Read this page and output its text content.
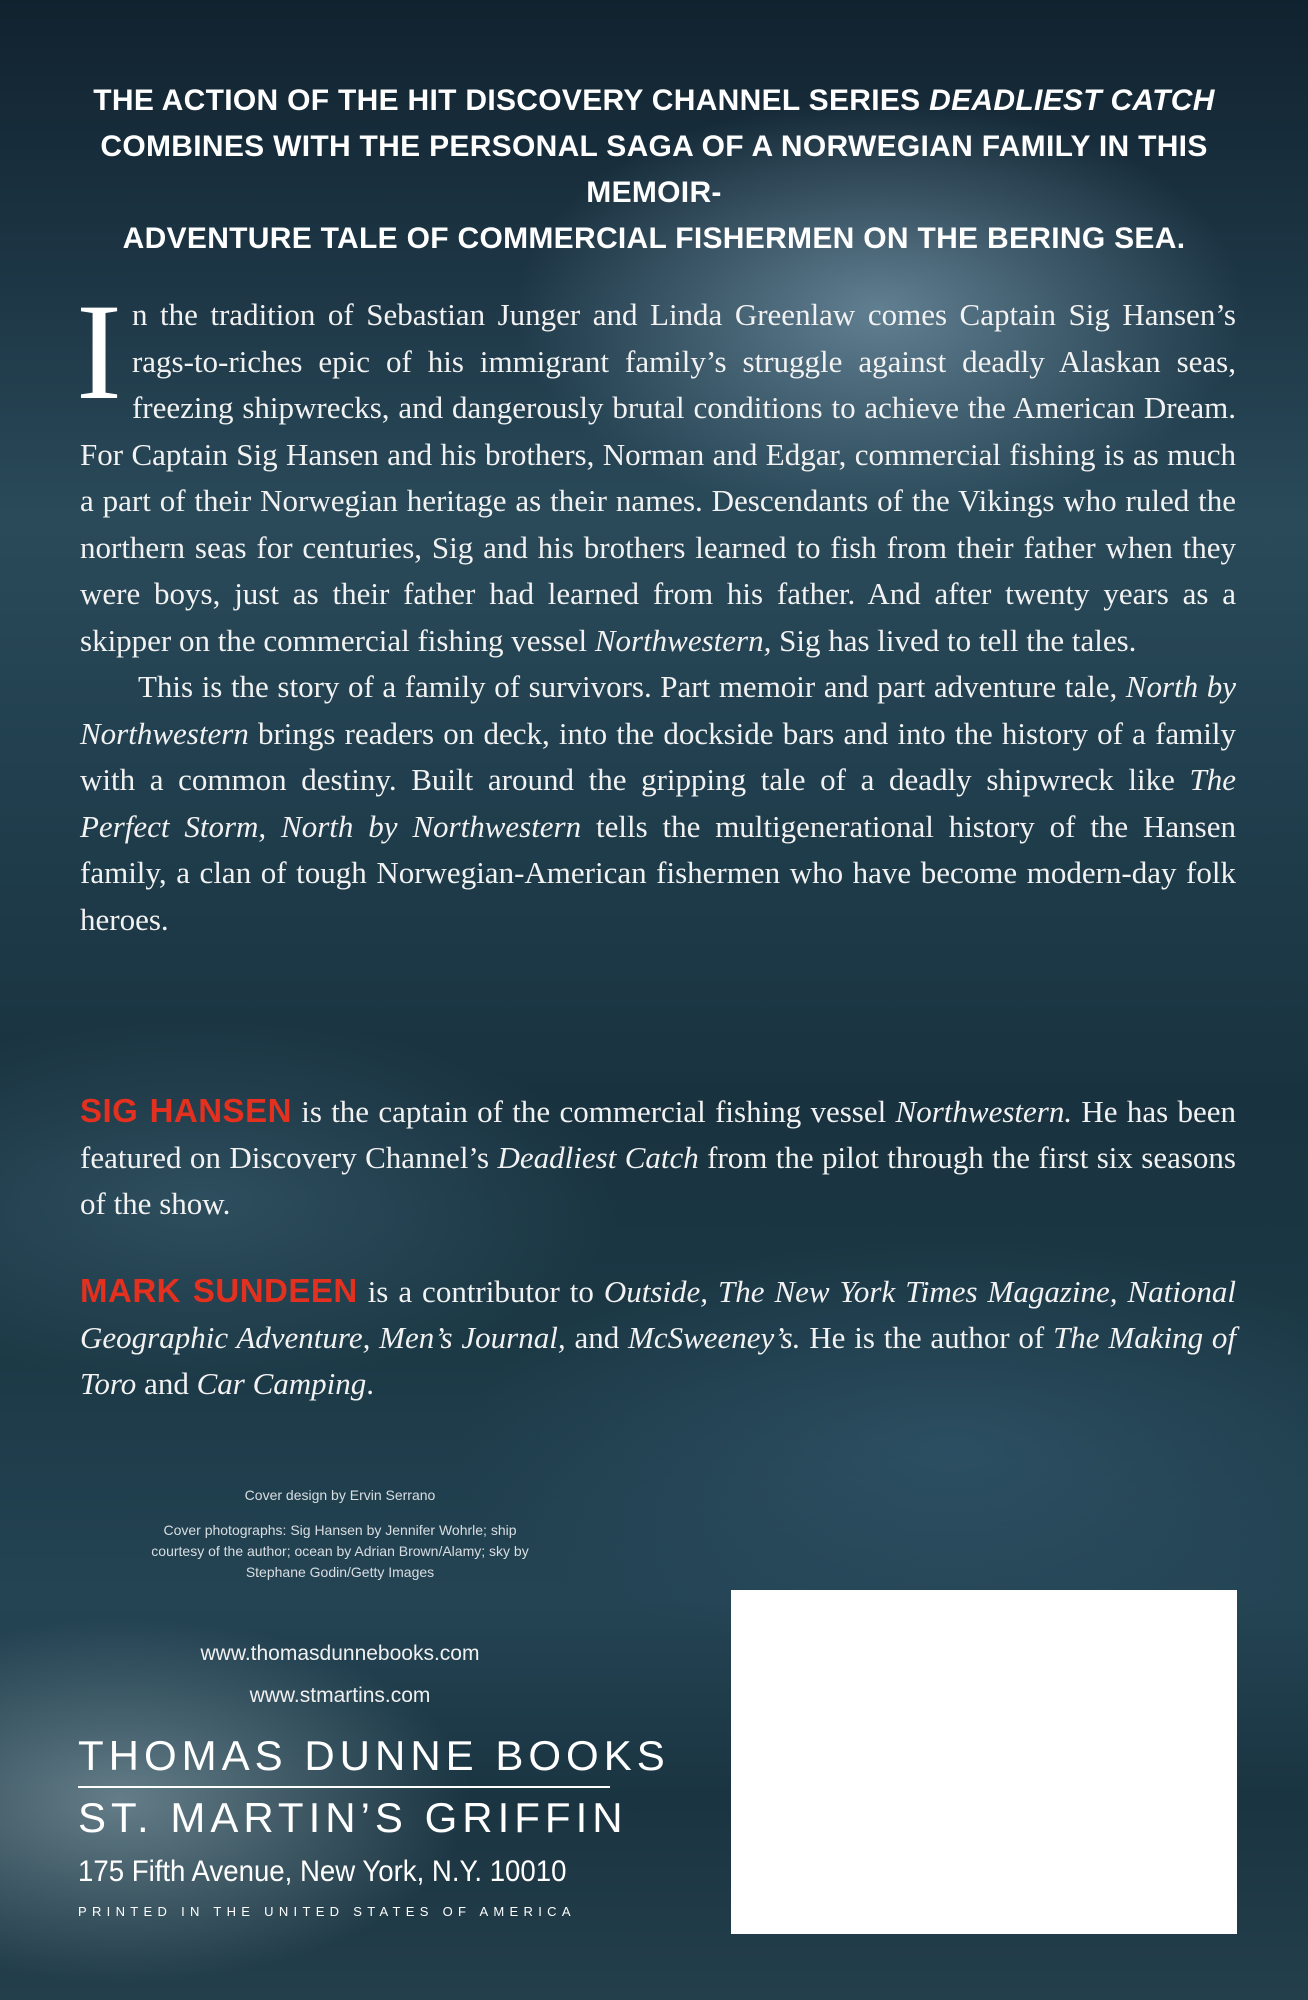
THE ACTION OF THE HIT DISCOVERY CHANNEL SERIES DEADLIEST CATCH
COMBINES WITH THE PERSONAL SAGA OF A NORWEGIAN FAMILY IN THIS MEMOIR-
ADVENTURE TALE OF COMMERCIAL FISHERMEN ON THE BERING SEA.

In the tradition of Sebastian Junger and Linda Greenlaw comes Captain Sig Hansen’s rags-to-riches epic of his immigrant family’s struggle against deadly Alaskan seas, freezing shipwrecks, and dangerously brutal conditions to achieve the American Dream. For Captain Sig Hansen and his brothers, Norman and Edgar, commercial fishing is as much a part of their Norwegian heritage as their names. Descendants of the Vikings who ruled the northern seas for centuries, Sig and his brothers learned to fish from their father when they were boys, just as their father had learned from his father. And after twenty years as a skipper on the commercial fishing vessel Northwestern, Sig has lived to tell the tales.

This is the story of a family of survivors. Part memoir and part adventure tale, North by Northwestern brings readers on deck, into the dockside bars and into the history of a family with a common destiny. Built around the gripping tale of a deadly shipwreck like The Perfect Storm, North by Northwestern tells the multigenerational history of the Hansen family, a clan of tough Norwegian-American fishermen who have become modern-day folk heroes.

SIG HANSEN is the captain of the commercial fishing vessel Northwestern. He has been featured on Discovery Channel’s Deadliest Catch from the pilot through the first six seasons of the show.
MARK SUNDEEN is a contributor to Outside, The New York Times Magazine, National Geographic Adventure, Men’s Journal, and McSweeney’s. He is the author of The Making of Toro and Car Camping.
Cover design by Ervin Serrano
Cover photographs: Sig Hansen by Jennifer Wohrle; ship courtesy of the author; ocean by Adrian Brown/Alamy; sky by Stephane Godin/Getty Images
www.thomasdunnebooks.com
www.stmartins.com
THOMAS DUNNE BOOKS
ST. MARTIN’S GRIFFIN
175 Fifth Avenue, New York, N.Y. 10010
PRINTED IN THE UNITED STATES OF AMERICA
